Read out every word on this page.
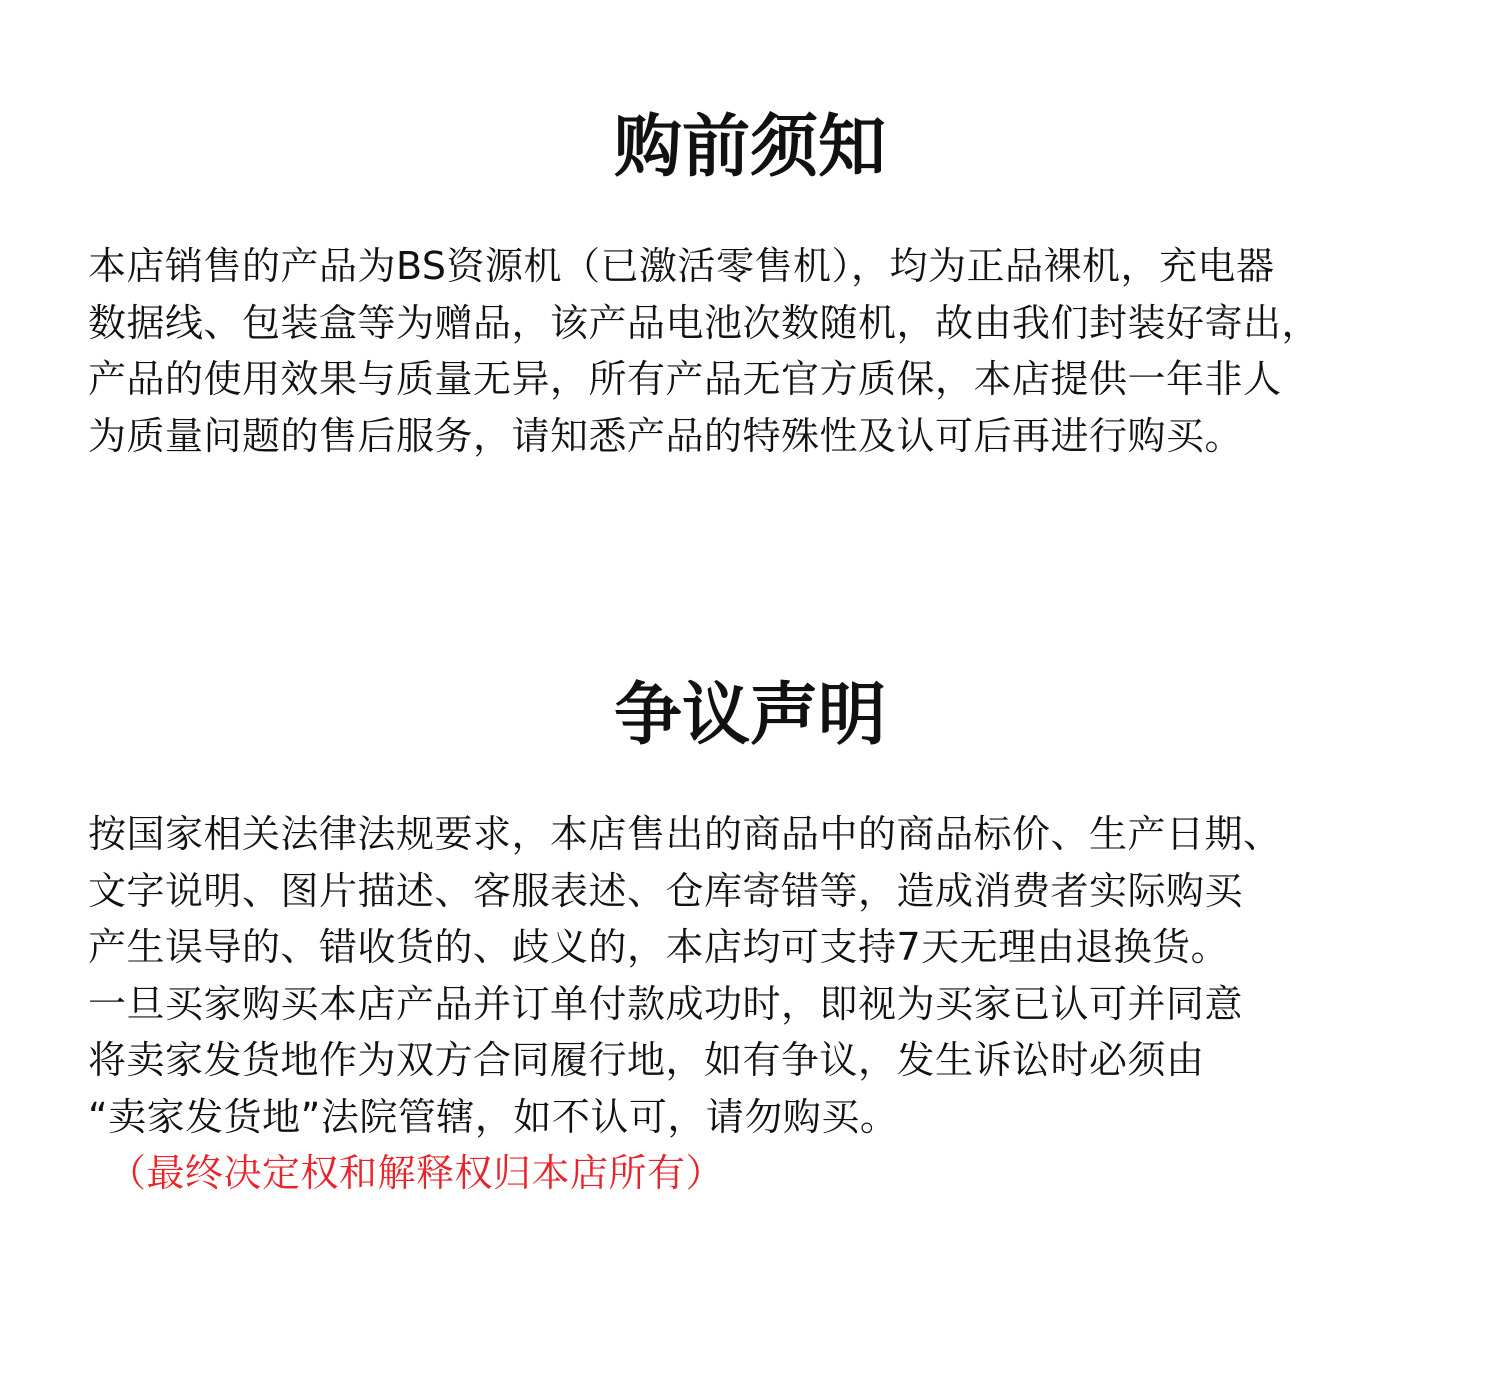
购前须知
本店销售的产品为BS资源机（已激活零售机），均为正品裸机，充电器
数据线、包装盒等为赠品，该产品电池次数随机，故由我们封装好寄出，
产品的使用效果与质量无异，所有产品无官方质保，本店提供一年非人
为质量问题的售后服务，请知悉产品的特殊性及认可后再进行购买。
争议声明
按国家相关法律法规要求，本店售出的商品中的商品标价、生产日期、
文字说明、图片描述、客服表述、仓库寄错等，造成消费者实际购买
产生误导的、错收货的、歧义的，本店均可支持7天无理由退换货。
一旦买家购买本店产品并订单付款成功时，即视为买家已认可并同意
将卖家发货地作为双方合同履行地，如有争议，发生诉讼时必须由
“卖家发货地”法院管辖，如不认可，请勿购买。
（最终决定权和解释权归本店所有）
